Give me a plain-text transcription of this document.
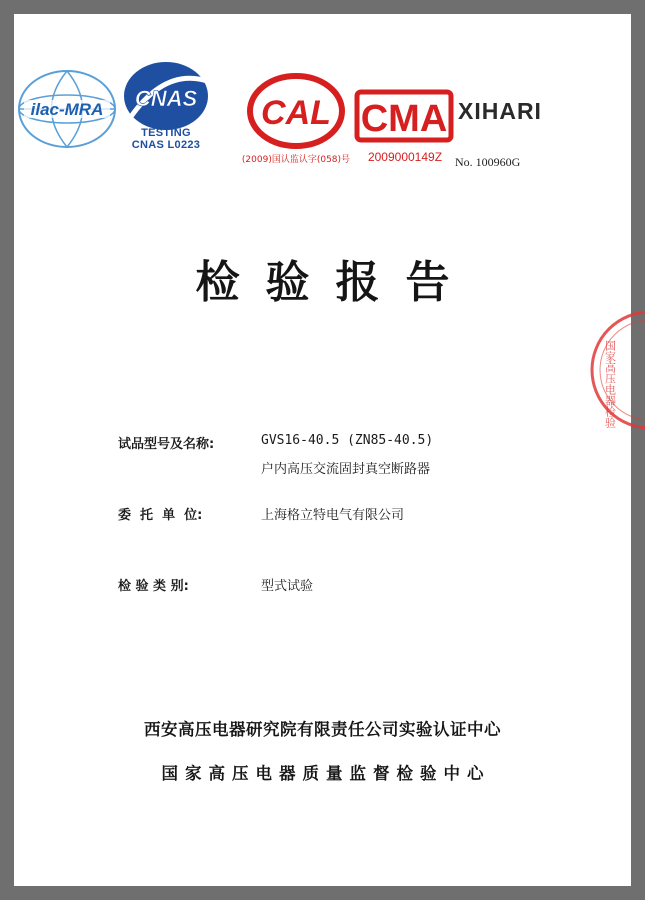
ilac-MRA CNAS
TESTING
CNAS L0223
CAL
(2009)国认监认字(058)号
CMA
2009000149Z
XIHARI
No. 100960G
检验报告
试品型号及名称:	GVS16-40.5 (ZN85-40.5)
户内高压交流固封真空断路器
委  托  单  位:	上海格立特电气有限公司
检 验 类 别:	型式试验
西安高压电器研究院有限责任公司实验认证中心
国家高压电器质量监督检验中心
国家高压电器检验
